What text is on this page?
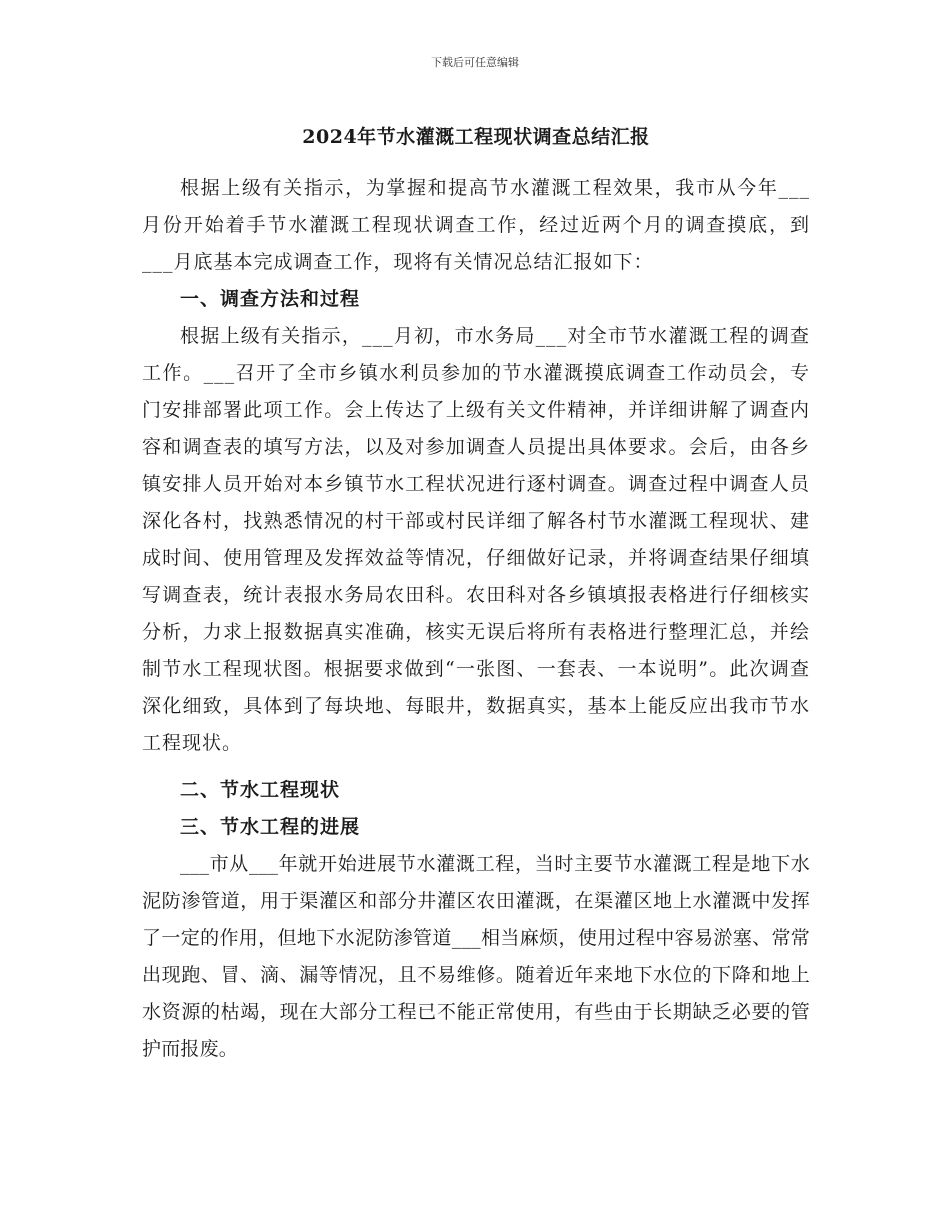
下载后可任意编辑
2024年节水灌溉工程现状调查总结汇报

根据上级有关指示，为掌握和提高节水灌溉工程效果，我市从今年___月份开始着手节水灌溉工程现状调查工作，经过近两个月的调查摸底，到___月底基本完成调查工作，现将有关情况总结汇报如下：

一、调查方法和过程

根据上级有关指示，___月初，市水务局___对全市节水灌溉工程的调查工作。___召开了全市乡镇水利员参加的节水灌溉摸底调查工作动员会，专门安排部署此项工作。会上传达了上级有关文件精神，并详细讲解了调查内容和调查表的填写方法，以及对参加调查人员提出具体要求。会后，由各乡镇安排人员开始对本乡镇节水工程状况进行逐村调查。调查过程中调查人员深化各村，找熟悉情况的村干部或村民详细了解各村节水灌溉工程现状、建成时间、使用管理及发挥效益等情况，仔细做好记录，并将调查结果仔细填写调查表，统计表报水务局农田科。农田科对各乡镇填报表格进行仔细核实分析，力求上报数据真实准确，核实无误后将所有表格进行整理汇总，并绘制节水工程现状图。根据要求做到“一张图、一套表、一本说明”。此次调查深化细致，具体到了每块地、每眼井，数据真实，基本上能反应出我市节水工程现状。

二、节水工程现状

三、节水工程的进展

___市从___年就开始进展节水灌溉工程，当时主要节水灌溉工程是地下水泥防渗管道，用于渠灌区和部分井灌区农田灌溉，在渠灌区地上水灌溉中发挥了一定的作用，但地下水泥防渗管道___相当麻烦，使用过程中容易淤塞、常常出现跑、冒、滴、漏等情况，且不易维修。随着近年来地下水位的下降和地上水资源的枯竭，现在大部分工程已不能正常使用，有些由于长期缺乏必要的管护而报废。
